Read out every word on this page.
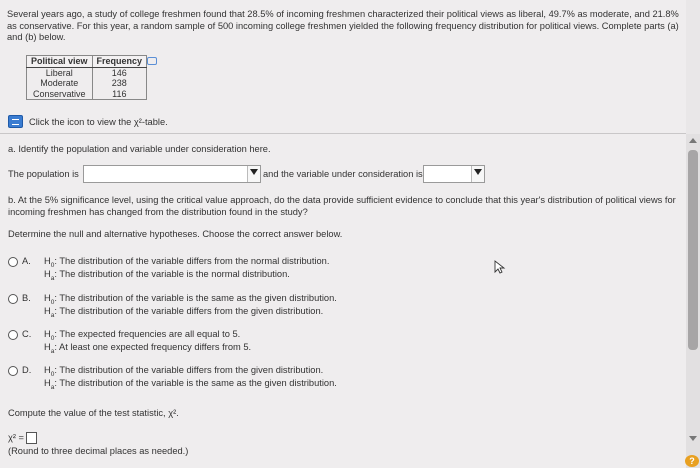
Several years ago, a study of college freshmen found that 28.5% of incoming freshmen characterized their political views as liberal, 49.7% as moderate, and 21.8% as conservative. For this year, a random sample of 500 incoming college freshmen yielded the following frequency distribution for political views. Complete parts (a) and (b) below.
Political view	Frequency
Liberal	146
Moderate	238
Conservative	116
Click the icon to view the χ²-table.
a. Identify the population and variable under consideration here.
The population is	and the variable under consideration is
b. At the 5% significance level, using the critical value approach, do the data provide sufficient evidence to conclude that this year's distribution of political views for incoming freshmen has changed from the distribution found in the study?
Determine the null and alternative hypotheses. Choose the correct answer below.
A. $H_0$: The distribution of the variable differs from the normal distribution.
$H_a$: The distribution of the variable is the normal distribution.
B. $H_0$: The distribution of the variable is the same as the given distribution.
$H_a$: The distribution of the variable differs from the given distribution.
C. $H_0$: The expected frequencies are all equal to 5.
$H_a$: At least one expected frequency differs from 5.
D. $H_0$: The distribution of the variable differs from the given distribution.
$H_a$: The distribution of the variable is the same as the given distribution.
Compute the value of the test statistic, χ².
χ² =
(Round to three decimal places as needed.)
?
